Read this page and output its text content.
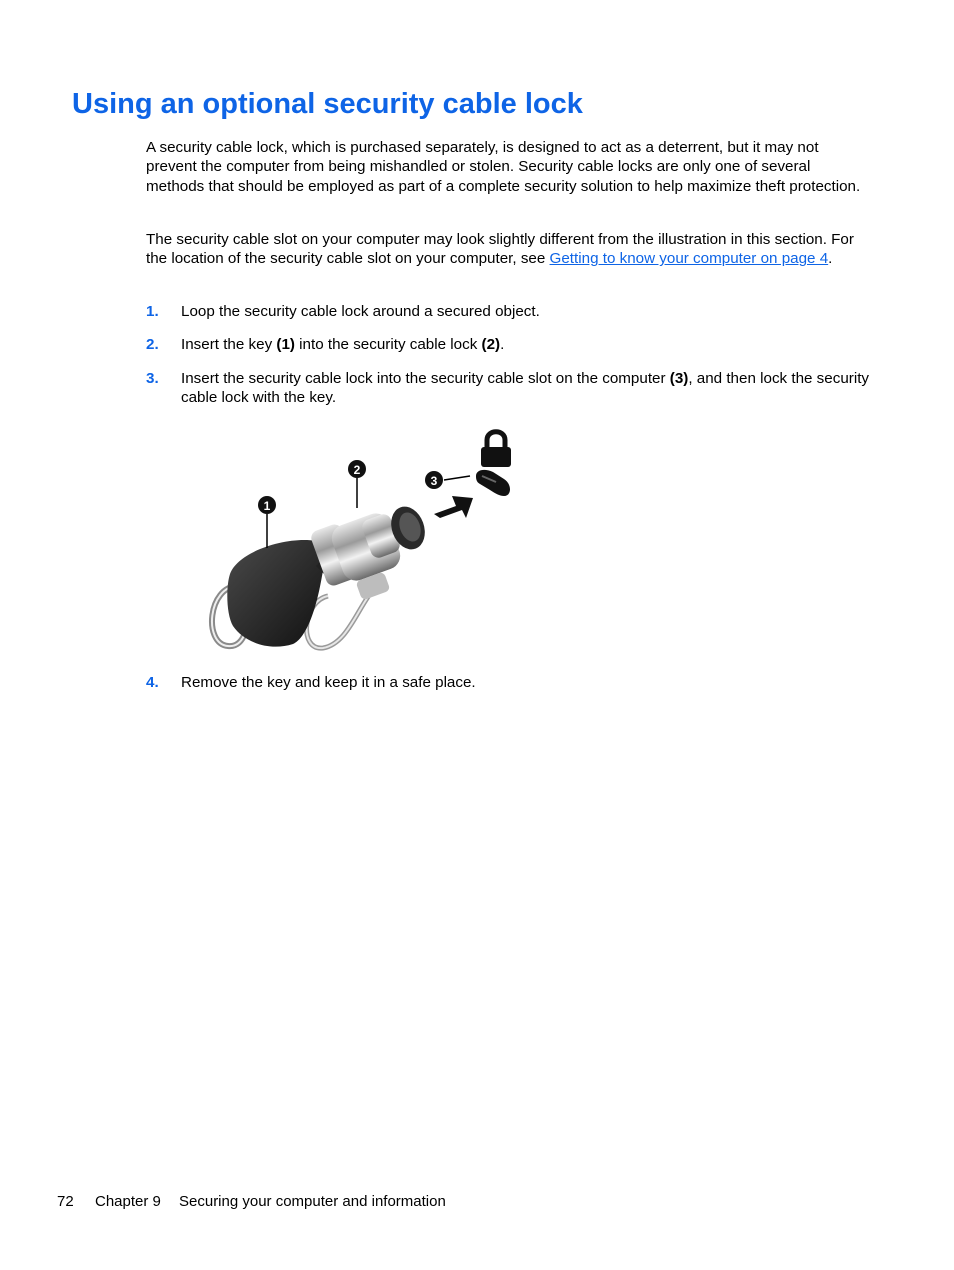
Using an optional security cable lock

A security cable lock, which is purchased separately, is designed to act as a deterrent, but it may not prevent the computer from being mishandled or stolen. Security cable locks are only one of several methods that should be employed as part of a complete security solution to help maximize theft protection.

The security cable slot on your computer may look slightly different from the illustration in this section. For the location of the security cable slot on your computer, see Getting to know your computer on page 4.

1. Loop the security cable lock around a secured object.
2. Insert the key (1) into the security cable lock (2).
3. Insert the security cable lock into the security cable slot on the computer (3), and then lock the security cable lock with the key.
1
2
3
4. Remove the key and keep it in a safe place.
72 Chapter 9 Securing your computer and information
